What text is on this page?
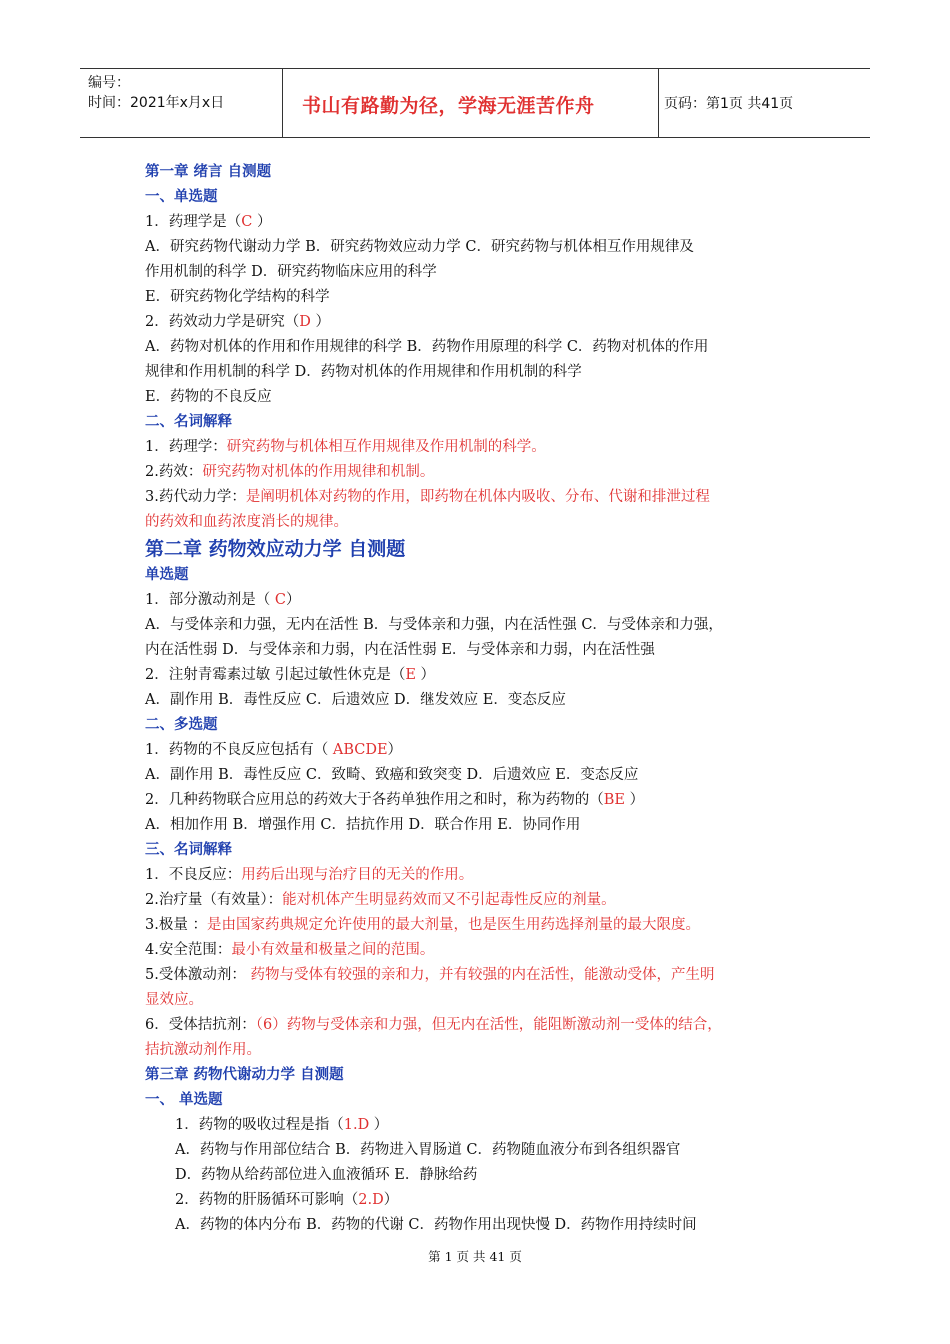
编号：
时间：2021年x月x日	书山有路勤为径，学海无涯苦作舟	页码：第1页 共41页
第一章 绪言 自测题
一、单选题
1．药理学是（C ）
A．研究药物代谢动力学 B．研究药物效应动力学 C．研究药物与机体相互作用规律及
作用机制的科学 D．研究药物临床应用的科学
E．研究药物化学结构的科学
2．药效动力学是研究（D ）
A．药物对机体的作用和作用规律的科学 B．药物作用原理的科学 C．药物对机体的作用
规律和作用机制的科学 D．药物对机体的作用规律和作用机制的科学
E．药物的不良反应
二、名词解释
1．药理学：研究药物与机体相互作用规律及作用机制的科学。
2.药效：研究药物对机体的作用规律和机制。
3.药代动力学：是阐明机体对药物的作用，即药物在机体内吸收、分布、代谢和排泄过程
的药效和血药浓度消长的规律。
第二章 药物效应动力学 自测题
单选题
1．部分激动剂是（ C）
A．与受体亲和力强，无内在活性 B．与受体亲和力强，内在活性强 C．与受体亲和力强，
内在活性弱 D．与受体亲和力弱，内在活性弱 E．与受体亲和力弱，内在活性强
2．注射青霉素过敏 引起过敏性休克是（E ）
A．副作用 B．毒性反应 C．后遗效应 D．继发效应 E．变态反应
二、多选题
1．药物的不良反应包括有（ ABCDE）
A．副作用 B．毒性反应 C．致畸、致癌和致突变 D．后遗效应 E．变态反应
2．几种药物联合应用总的药效大于各药单独作用之和时，称为药物的（BE ）
A．相加作用 B．增强作用 C．拮抗作用 D．联合作用 E．协同作用
三、名词解释
1．不良反应：用药后出现与治疗目的无关的作用。
2.治疗量（有效量）：能对机体产生明显药效而又不引起毒性反应的剂量。
3.极量 ：是由国家药典规定允许使用的最大剂量，也是医生用药选择剂量的最大限度。
4.安全范围：最小有效量和极量之间的范围。
5.受体激动剂： 药物与受体有较强的亲和力，并有较强的内在活性，能激动受体，产生明
显效应。
6．受体拮抗剂：（6）药物与受体亲和力强，但无内在活性，能阻断激动剂一受体的结合，
拮抗激动剂作用。
第三章 药物代谢动力学 自测题
一、 单选题
1．药物的吸收过程是指（1.D ）
A．药物与作用部位结合 B．药物进入胃肠道 C．药物随血液分布到各组织器官
D．药物从给药部位进入血液循环 E．静脉给药
2．药物的肝肠循环可影响（2.D）
A．药物的体内分布 B．药物的代谢 C．药物作用出现快慢 D．药物作用持续时间
第 1 页 共 41 页
